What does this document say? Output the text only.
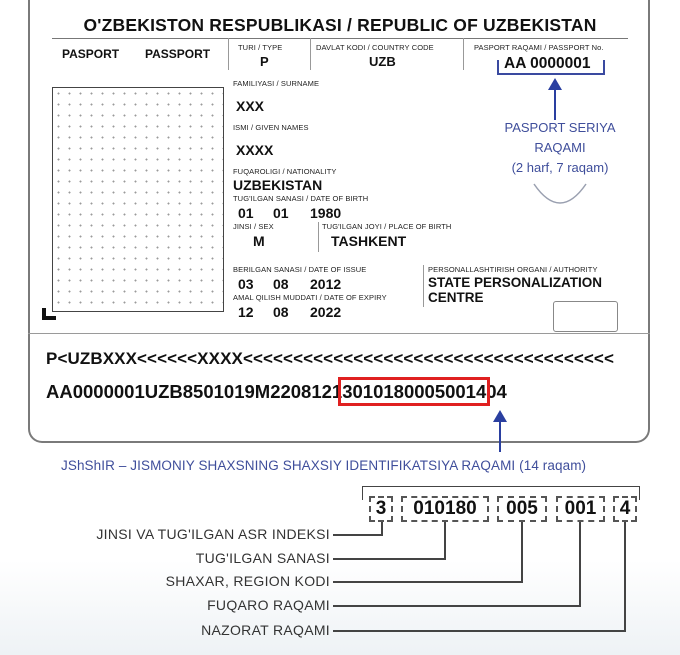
O'ZBEKISTON RESPUBLIKASI / REPUBLIC OF UZBEKISTAN
PASPORT PASSPORT	TURI / TYPE
P
DAVLAT KODI / COUNTRY CODE
UZB
PASPORT RAQAMI / PASSPORT No.
AA 0000001
FAMILIYASI / SURNAME
XXX
ISMI / GIVEN NAMES
XXXX
FUQAROLIGI / NATIONALITY
UZBEKISTAN
TUG'ILGAN SANASI / DATE OF BIRTH
01 01 1980
JINSI / SEX
M
TUG'ILGAN JOYI / PLACE OF BIRTH
TASHKENT
BERILGAN SANASI / DATE OF ISSUE
03 08 2012
AMAL QILISH MUDDATI / DATE OF EXPIRY
12 08 2022
PERSONALLASHTIRISH ORGANI / AUTHORITY
STATE PERSONALIZATION
CENTRE
PASPORT SERIYA
RAQAMI
(2 harf, 7 raqam)
P<UZBXXX<<<<<<XXXX<<<<<<<<<<<<<<<<<<<<<<<<<<<<<<<<<<<<<
AA0000001UZB8501019M22081213010180005001404
JShShIR – JISMONIY SHAXSNING SHAXSIY IDENTIFIKATSIYA RAQAMI (14 raqam)
3	010180	005	001	4
JINSI VA TUG'ILGAN ASR INDEKSI
TUG'ILGAN SANASI
SHAXAR, REGION KODI
FUQARO RAQAMI
NAZORAT RAQAMI
